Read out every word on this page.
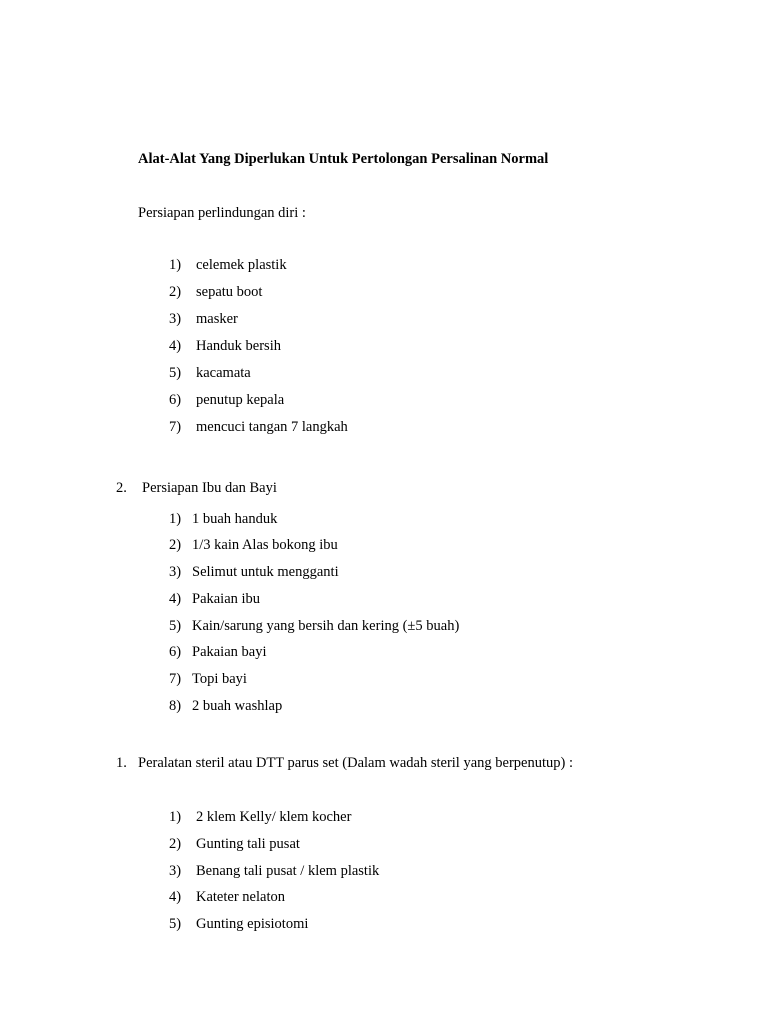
Alat-Alat Yang Diperlukan Untuk Pertolongan Persalinan Normal
Persiapan perlindungan diri :
1) celemek plastik
2) sepatu boot
3) masker
4) Handuk bersih
5) kacamata
6) penutup kepala
7) mencuci tangan 7 langkah
2. Persiapan Ibu dan Bayi
1) 1 buah handuk
2) 1/3 kain Alas bokong ibu
3) Selimut untuk mengganti
4) Pakaian ibu
5) Kain/sarung yang bersih dan kering (±5 buah)
6) Pakaian bayi
7) Topi bayi
8) 2 buah washlap
1. Peralatan steril atau DTT parus set (Dalam wadah steril yang berpenutup) :
1) 2 klem Kelly/ klem kocher
2) Gunting tali pusat
3) Benang tali pusat / klem plastik
4) Kateter nelaton
5) Gunting episiotomi
